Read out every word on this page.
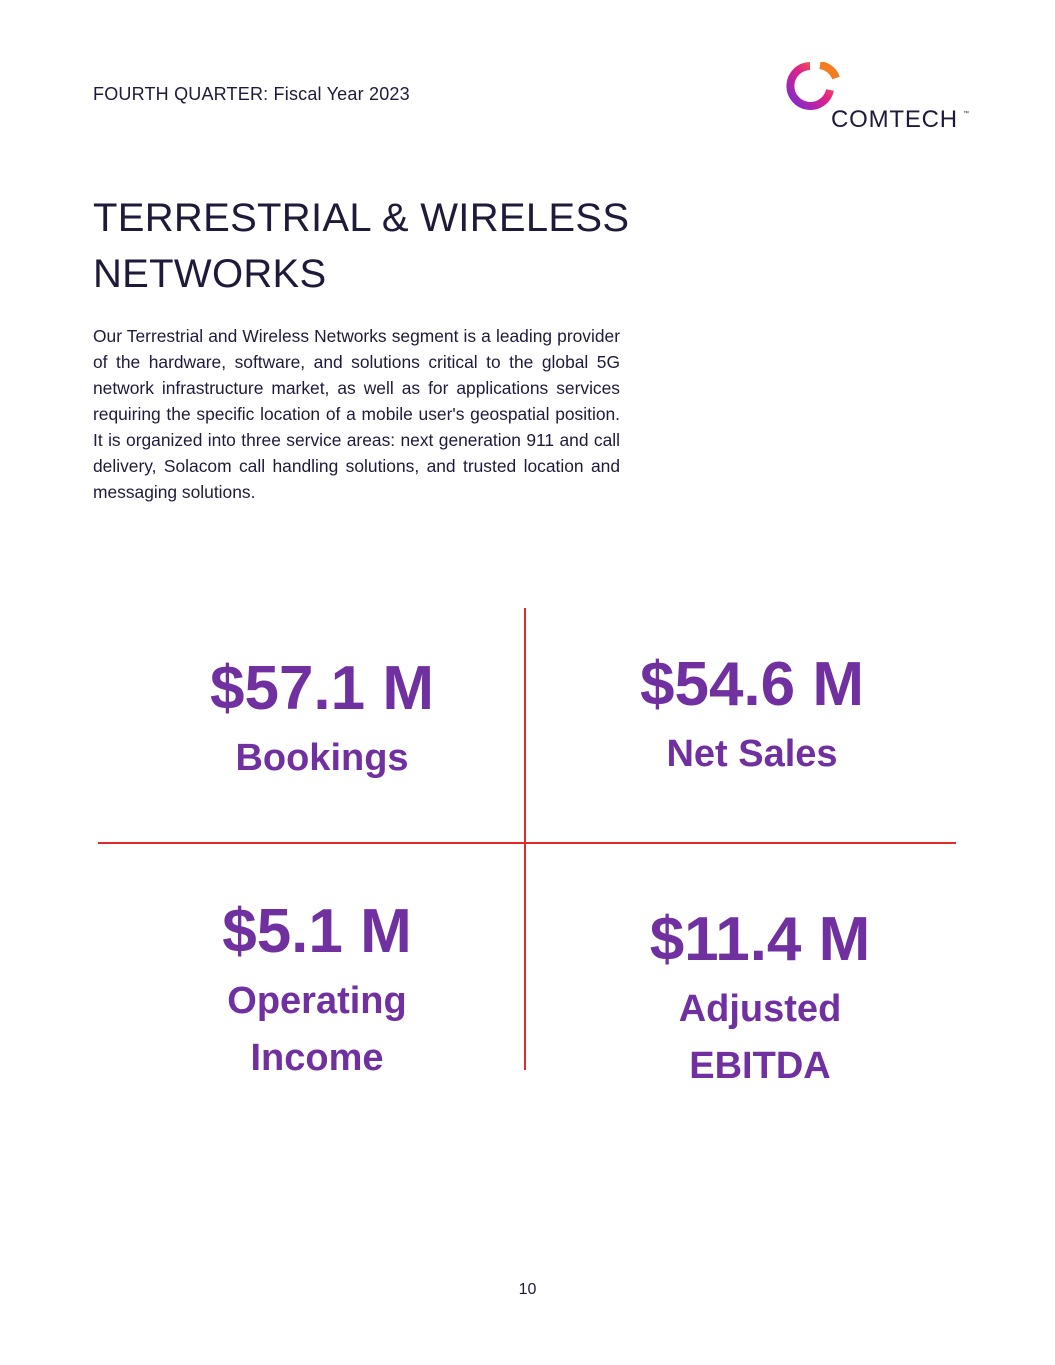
FOURTH QUARTER: Fiscal Year 2023
COMTECH ™
TERRESTRIAL & WIRELESS NETWORKS

Our Terrestrial and Wireless Networks segment is a leading provider of the hardware, software, and solutions critical to the global 5G network infrastructure market, as well as for applications services requiring the specific location of a mobile user's geospatial position. It is organized into three service areas: next generation 911 and call delivery, Solacom call handling solutions, and trusted location and messaging solutions.

$57.1 M
Bookings
$54.6 M
Net Sales
$5.1 M
Operating Income
$11.4 M
Adjusted EBITDA
10
